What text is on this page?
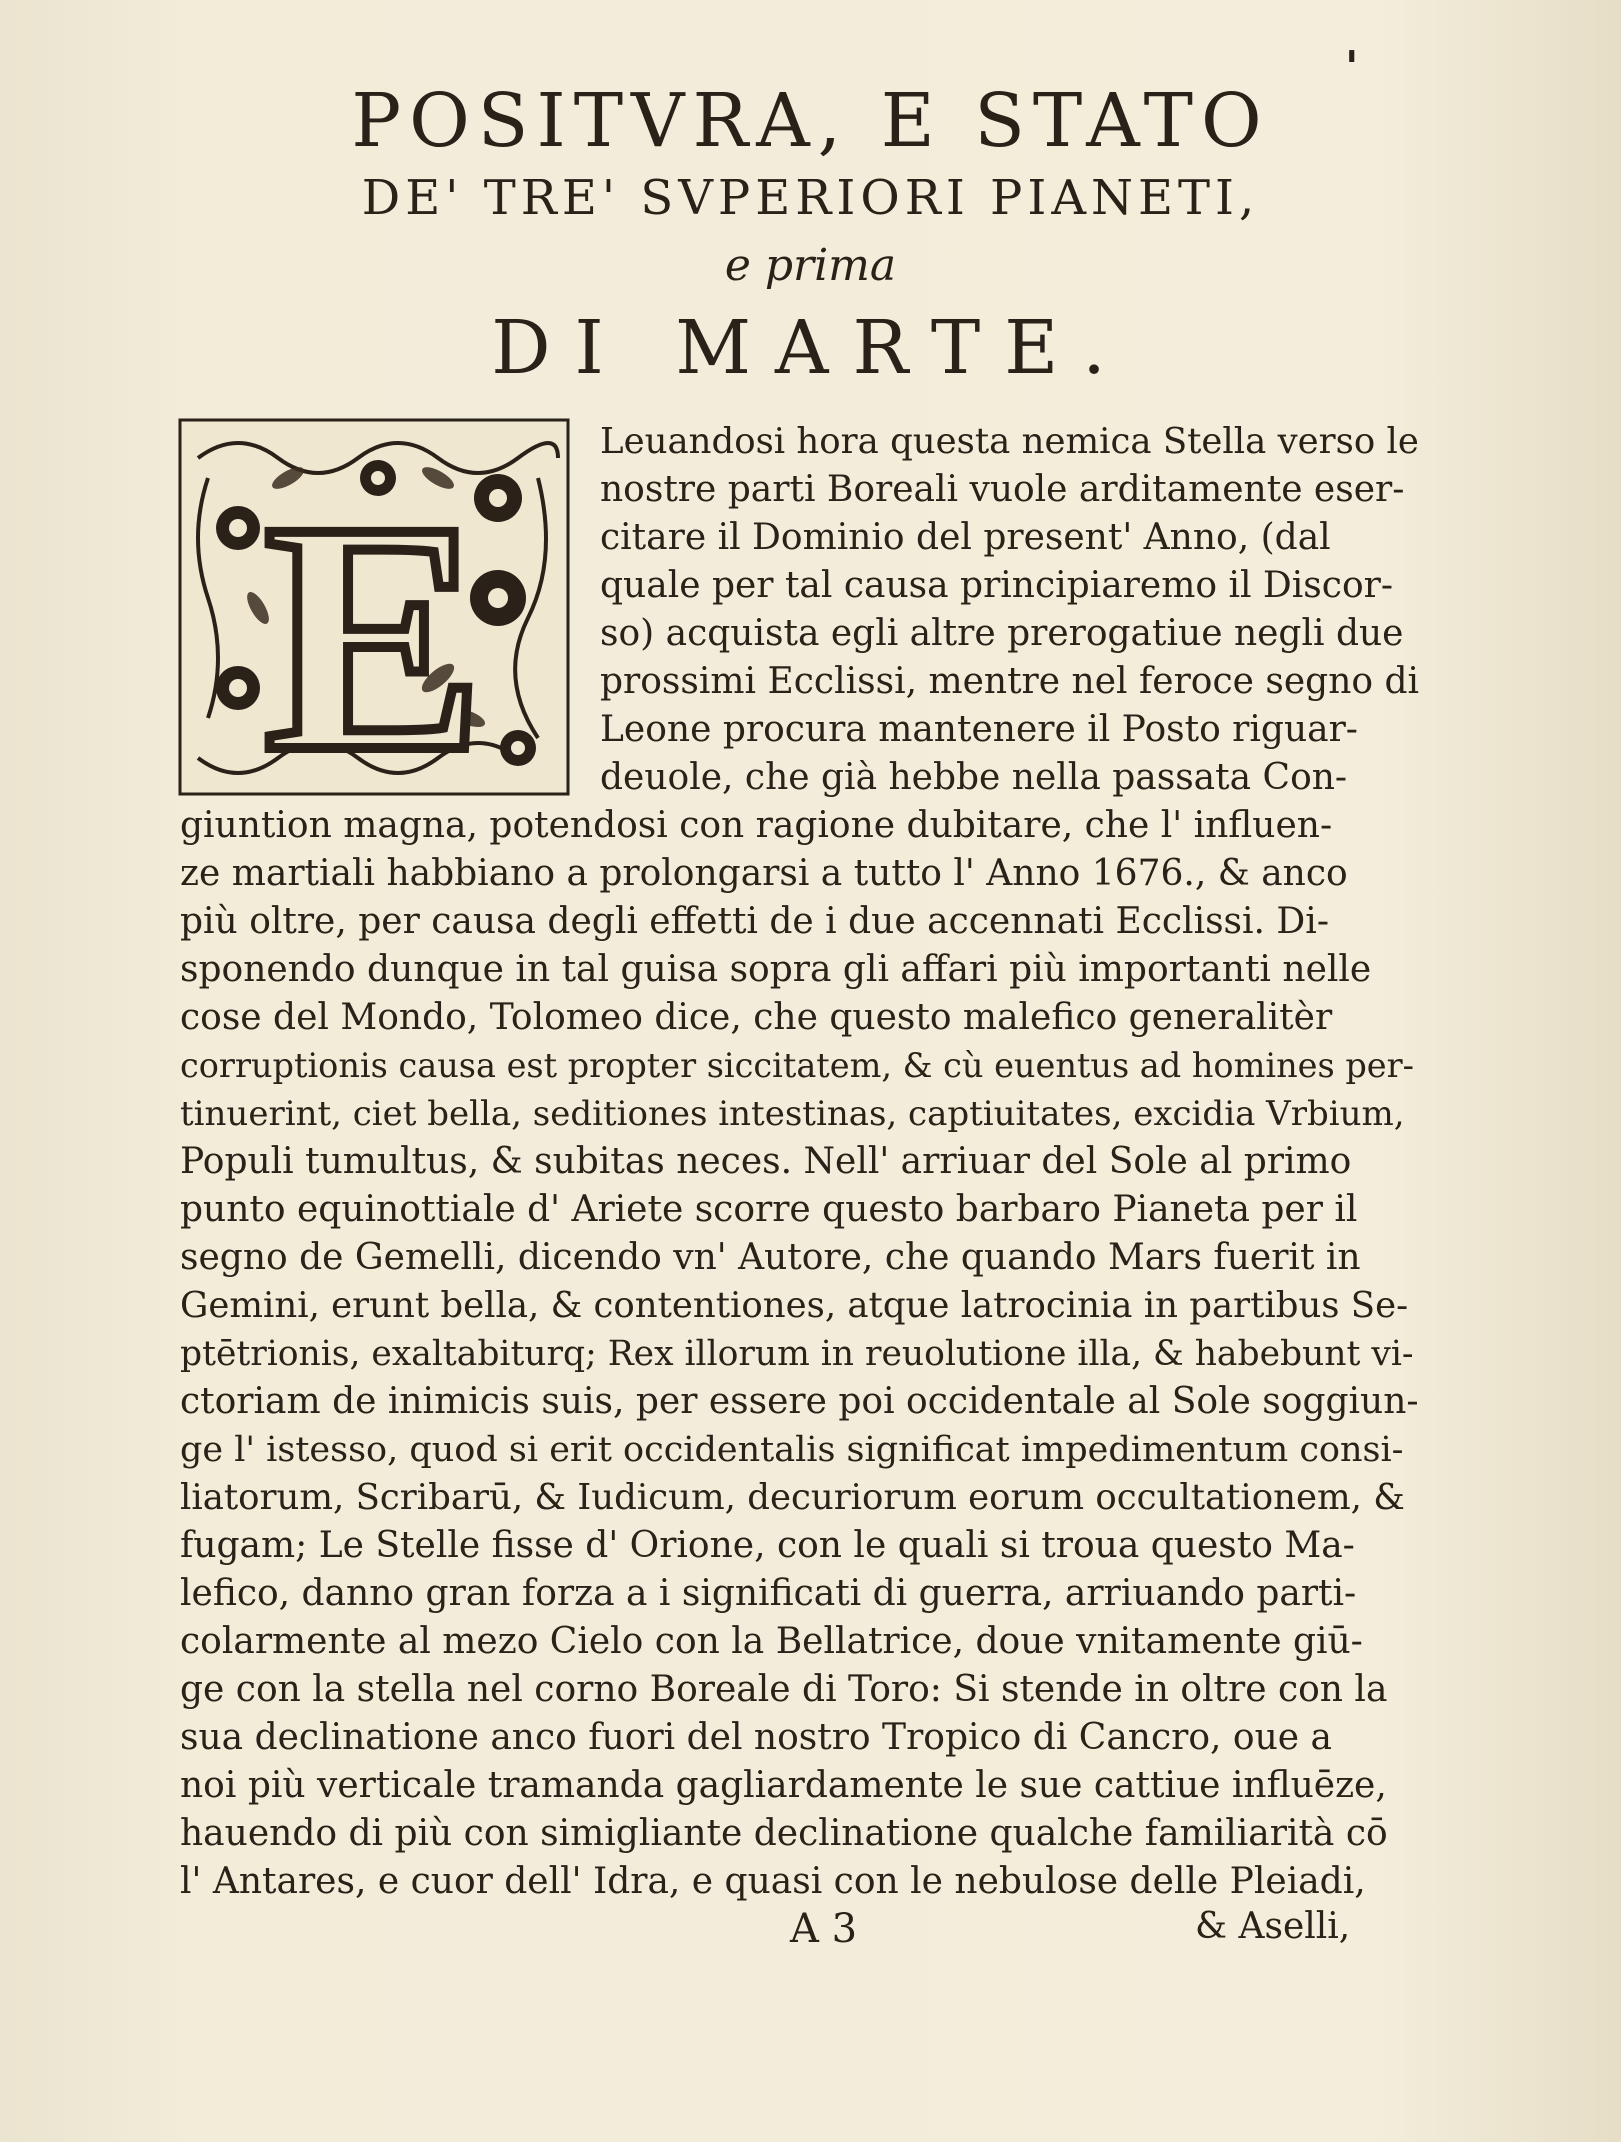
'
POSITVRA, E STATO
DE' TRE' SVPERIORI PIANETI,
e prima
DI MARTE.
E
Leuandosi hora questa nemica Stella verso le
nostre parti Boreali vuole arditamente eser-
citare il Dominio del present' Anno, (dal
quale per tal causa principiaremo il Discor-
so) acquista egli altre prerogatiue negli due
prossimi Ecclissi, mentre nel feroce segno di
Leone procura mantenere il Posto riguar-
deuole, che già hebbe nella passata Con-
giuntion magna, potendosi con ragione dubitare, che l' influen-
ze martiali habbiano a prolongarsi a tutto l' Anno 1676., & anco
più oltre, per causa degli effetti de i due accennati Ecclissi. Di-
sponendo dunque in tal guisa sopra gli affari più importanti nelle
cose del Mondo, Tolomeo dice, che questo malefico generalitèr
corruptionis causa est propter siccitatem, & cù euentus ad homines per-
tinuerint, ciet bella, seditiones intestinas, captiuitates, excidia Vrbium,
Populi tumultus, & subitas neces. Nell' arriuar del Sole al primo
punto equinottiale d' Ariete scorre questo barbaro Pianeta per il
segno de Gemelli, dicendo vn' Autore, che quando Mars fuerit in
Gemini, erunt bella, & contentiones, atque latrocinia in partibus Se-
ptētrionis, exaltabiturq; Rex illorum in reuolutione illa, & habebunt vi-
ctoriam de inimicis suis, per essere poi occidentale al Sole soggiun-
ge l' istesso, quod si erit occidentalis significat impedimentum consi-
liatorum, Scribarū, & Iudicum, decuriorum eorum occultationem, &
fugam; Le Stelle fisse d' Orione, con le quali si troua questo Ma-
lefico, danno gran forza a i significati di guerra, arriuando parti-
colarmente al mezo Cielo con la Bellatrice, doue vnitamente giū-
ge con la stella nel corno Boreale di Toro: Si stende in oltre con la
sua declinatione anco fuori del nostro Tropico di Cancro, oue a
noi più verticale tramanda gagliardamente le sue cattiue influēze,
hauendo di più con simigliante declinatione qualche familiarità cō
l' Antares, e cuor dell' Idra, e quasi con le nebulose delle Pleiadi,
A 3	& Aselli,
